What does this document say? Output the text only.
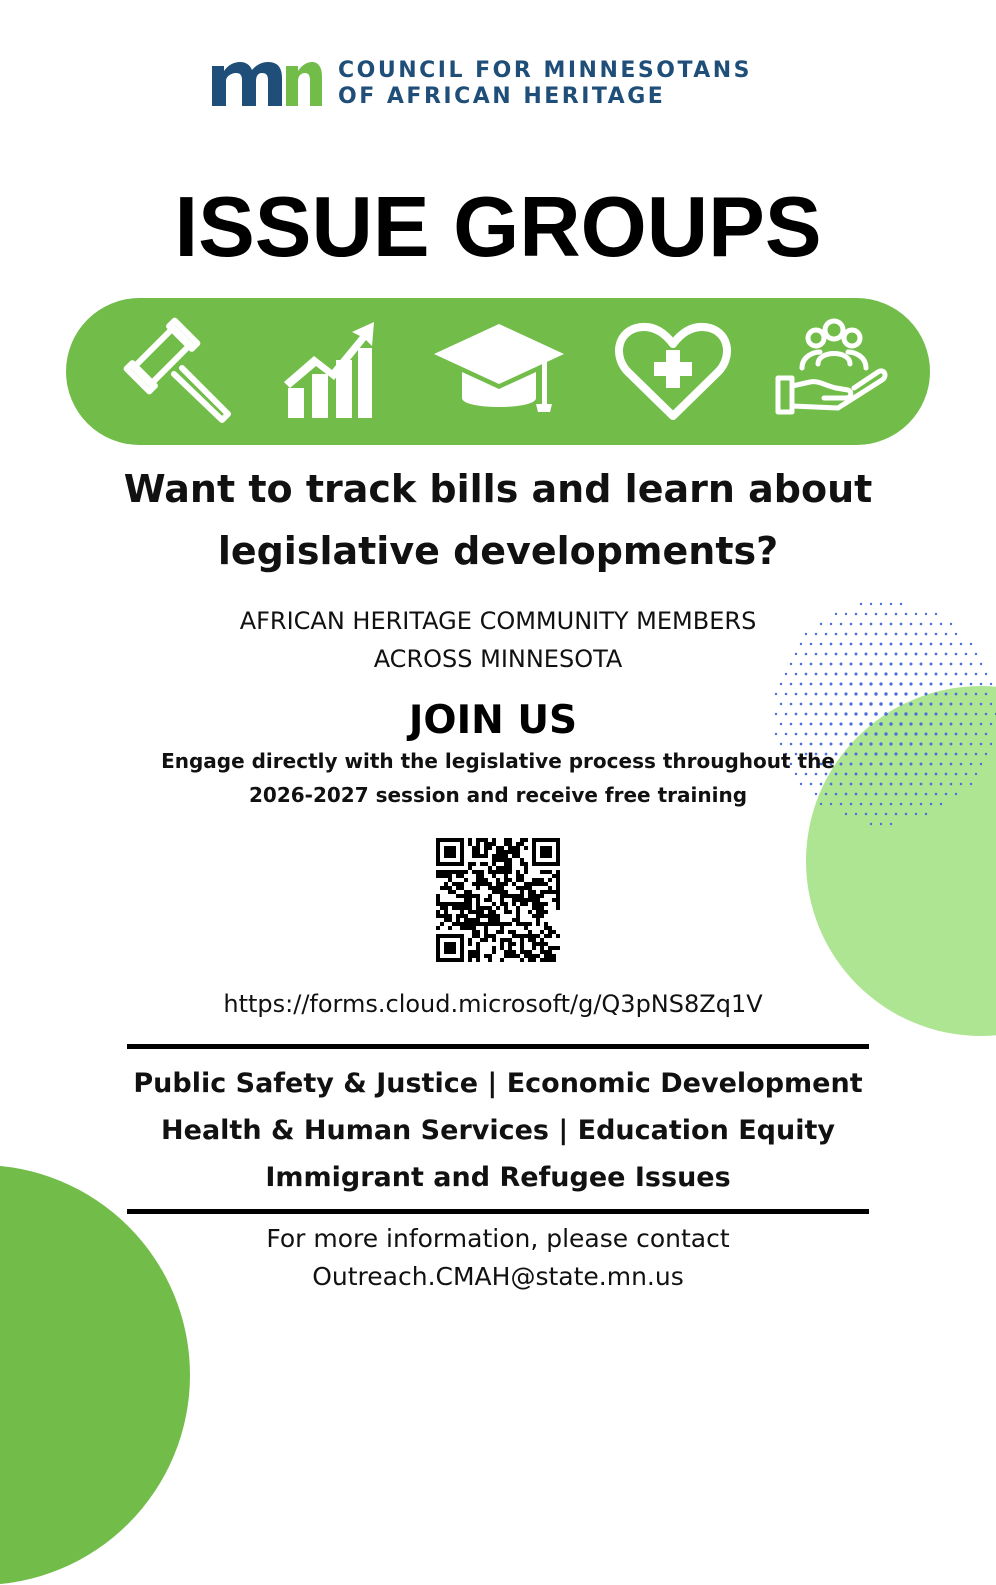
mn	COUNCIL FOR MINNESOTANS
OF AFRICAN HERITAGE
ISSUE GROUPS
Want to track bills and learn about
legislative developments?
AFRICAN HERITAGE COMMUNITY MEMBERS
ACROSS MINNESOTA
JOIN US
Engage directly with the legislative process throughout the
2026-2027 session and receive free training
https://forms.cloud.microsoft/g/Q3pNS8Zq1V
Public Safety & Justice | Economic Development
Health & Human Services | Education Equity
Immigrant and Refugee Issues
For more information, please contact
Outreach.CMAH@state.mn.us
